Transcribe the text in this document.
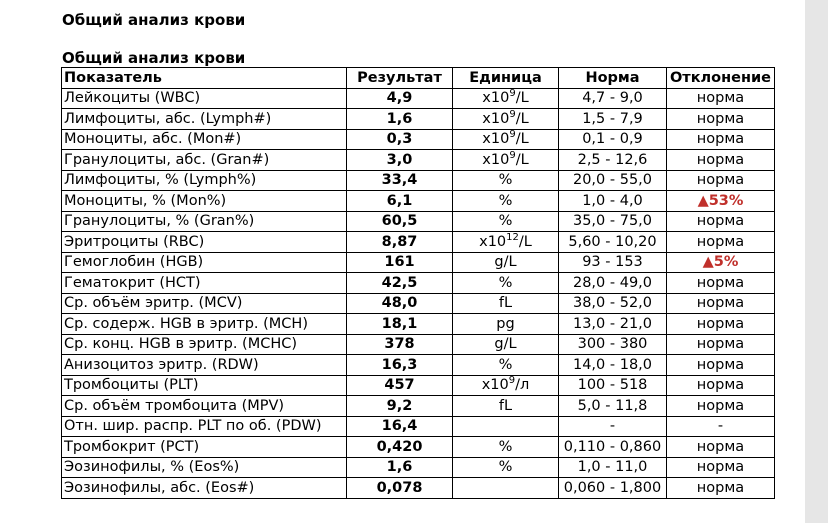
Общий анализ крови
Общий анализ крови
Показатель	Результат	Единица	Норма	Отклонение
Лейкоциты (WBC)	4,9	$x10^9/L$	4,7 - 9,0	норма
Лимфоциты, абс. (Lymph#)	1,6	$x10^9/L$	1,5 - 7,9	норма
Моноциты, абс. (Mon#)	0,3	$x10^9/L$	0,1 - 0,9	норма
Гранулоциты, абс. (Gran#)	3,0	$x10^9/L$	2,5 - 12,6	норма
Лимфоциты, % (Lymph%)	33,4	%	20,0 - 55,0	норма
Моноциты, % (Mon%)	6,1	%	1,0 - 4,0	▲53%
Гранулоциты, % (Gran%)	60,5	%	35,0 - 75,0	норма
Эритроциты (RBC)	8,87	$x10^{12}/L$	5,60 - 10,20	норма
Гемоглобин (HGB)	161	g/L	93 - 153	▲5%
Гематокрит (HCT)	42,5	%	28,0 - 49,0	норма
Ср. объём эритр. (MCV)	48,0	fL	38,0 - 52,0	норма
Ср. содерж. HGB в эритр. (MCH)	18,1	pg	13,0 - 21,0	норма
Ср. конц. HGB в эритр. (MCHC)	378	g/L	300 - 380	норма
Анизоцитоз эритр. (RDW)	16,3	%	14,0 - 18,0	норма
Тромбоциты (PLT)	457	$x10^9/л$	100 - 518	норма
Ср. объём тромбоцита (MPV)	9,2	fL	5,0 - 11,8	норма
Отн. шир. распр. PLT по об. (PDW)	16,4		-	-
Тромбокрит (PCT)	0,420	%	0,110 - 0,860	норма
Эозинофилы, % (Eos%)	1,6	%	1,0 - 11,0	норма
Эозинофилы, абс. (Eos#)	0,078		0,060 - 1,800	норма
